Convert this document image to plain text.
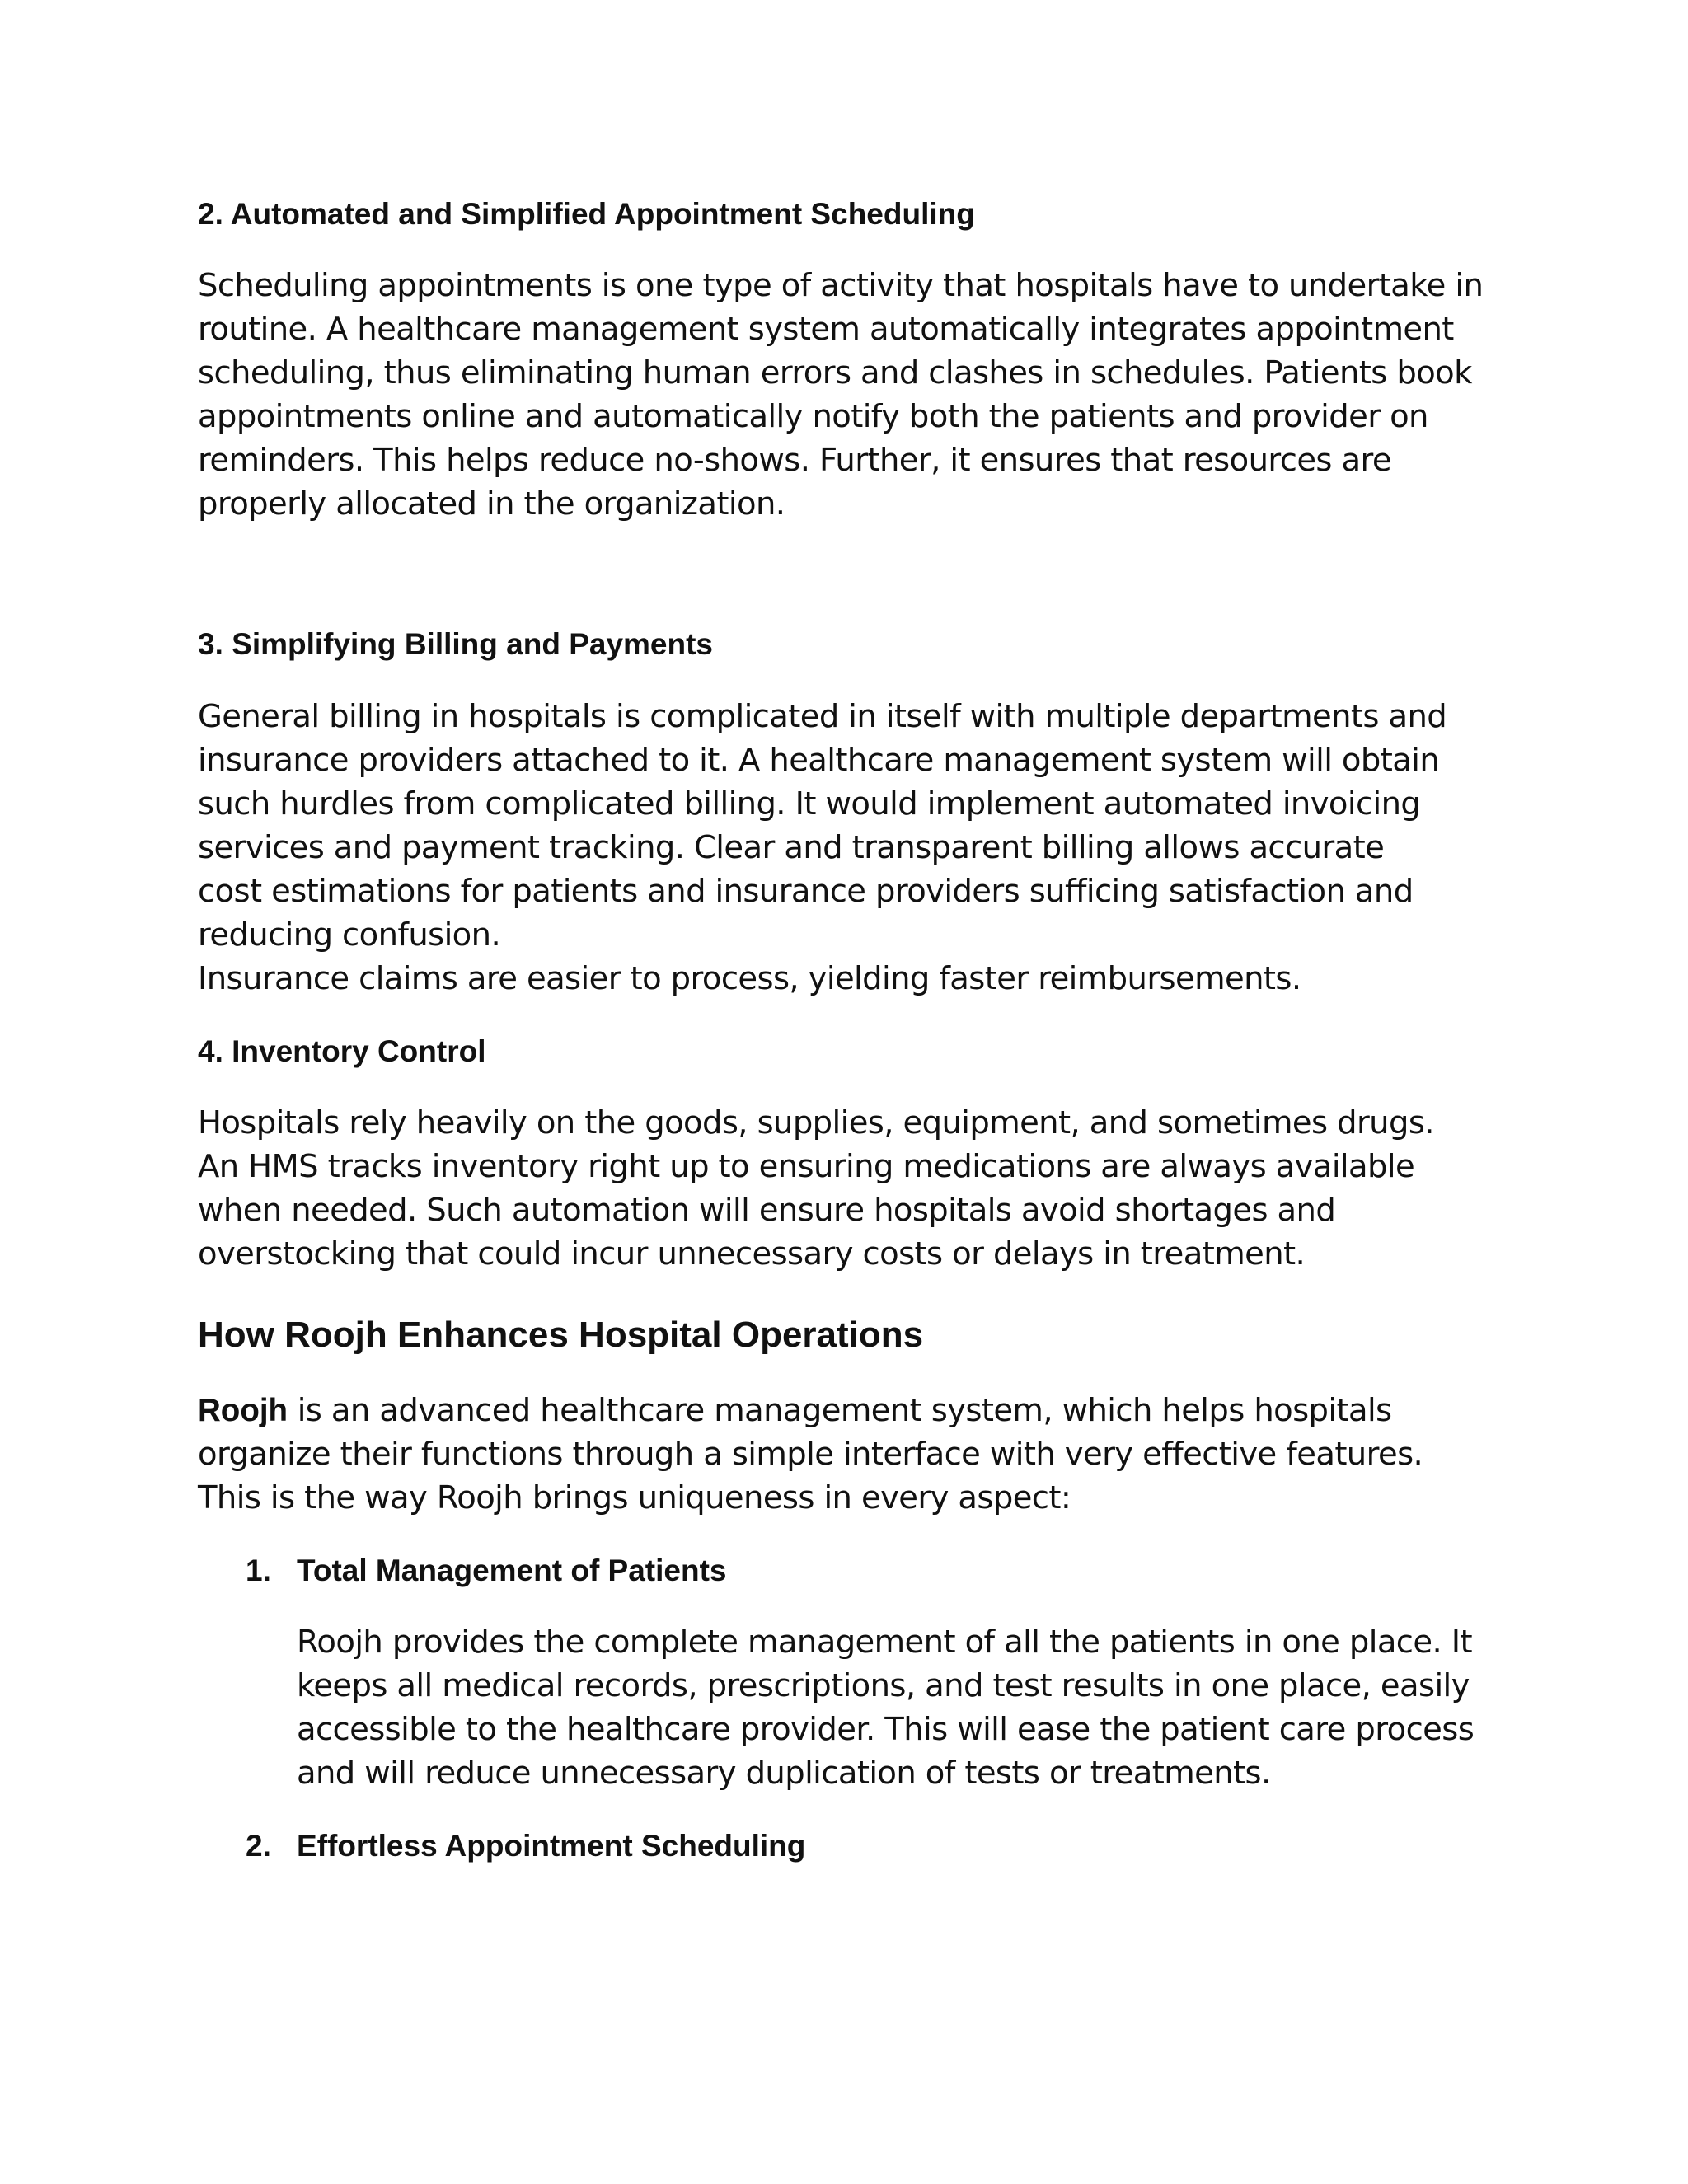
2. Automated and Simplified Appointment Scheduling

Scheduling appointments is one type of activity that hospitals have to undertake in routine. A healthcare management system automatically integrates appointment scheduling, thus eliminating human errors and clashes in schedules. Patients book appointments online and automatically notify both the patients and provider on reminders. This helps reduce no-shows. Further, it ensures that resources are properly allocated in the organization.

3. Simplifying Billing and Payments

General billing in hospitals is complicated in itself with multiple departments and insurance providers attached to it. A healthcare management system will obtain such hurdles from complicated billing. It would implement automated invoicing services and payment tracking. Clear and transparent billing allows accurate cost estimations for patients and insurance providers sufficing satisfaction and reducing confusion.

Insurance claims are easier to process, yielding faster reimbursements.

4. Inventory Control

Hospitals rely heavily on the goods, supplies, equipment, and sometimes drugs. An HMS tracks inventory right up to ensuring medications are always available when needed. Such automation will ensure hospitals avoid shortages and overstocking that could incur unnecessary costs or delays in treatment.

How Roojh Enhances Hospital Operations

Roojh is an advanced healthcare management system, which helps hospitals organize their functions through a simple interface with very effective features. This is the way Roojh brings uniqueness in every aspect:

1. Total Management of Patients

Roojh provides the complete management of all the patients in one place. It keeps all medical records, prescriptions, and test results in one place, easily accessible to the healthcare provider. This will ease the patient care process and will reduce unnecessary duplication of tests or treatments.

2. Effortless Appointment Scheduling
